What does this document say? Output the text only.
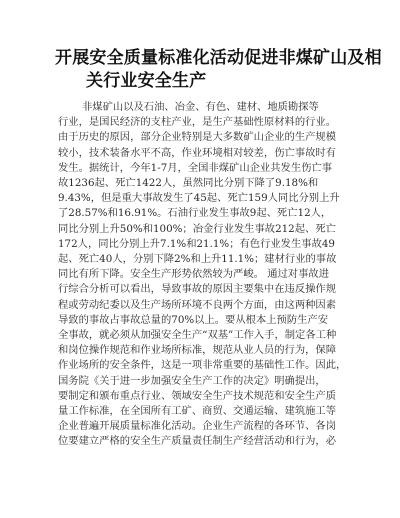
开展安全质量标准化活动促进非煤矿山及相
关行业安全生产
非煤矿山以及石油、冶金、有色、建材、地质勘探等
行业，是国民经济的支柱产业，是生产基础性原材料的行业。
由于历史的原因，部分企业特别是大多数矿山企业的生产规模
较小，技术装备水平不高，作业环境相对较差，伤亡事故时有
发生。据统计，今年1-7月，全国非煤矿山企业共发生伤亡事
故1236起、死亡1422人，虽然同比分别下降了9.18%和
9.43%，但是重大事故发生了45起、死亡159人同比分别上升
了28.57%和16.91%。石油行业发生事故9起、死亡12人，
同比分别上升50%和100%；冶金行业发生事故212起、死亡
172人，同比分别上升7.1%和21.1%；有色行业发生事故49
起、死亡40人，分别下降2%和上升11.1%；建材行业的事故
同比有所下降。安全生产形势依然较为严峻。 通过对事故进
行综合分析可以看出，导致事故的原因主要集中在违反操作规
程或劳动纪委以及生产场所环境不良两个方面，由这两种因素
导致的事故占事故总量的70%以上。要从根本上预防生产安
全事故，就必须从加强安全生产“双基”工作入手，制定各工种
和岗位操作规范和作业场所标准，规范从业人员的行为，保障
作业场所的安全条件，这是一项非常重要的基础性工作。因此，
国务院《关于进一步加强安全生产工作的决定》明确提出，
要制定和颁布重点行业、领域安全生产技术规范和安全生产质
量工作标准，在全国所有工矿、商贸、交通运输、建筑施工等
企业普遍开展质量标准化活动。企业生产流程的各环节、各岗
位要建立严格的安全生产质量责任制生产经营活动和行为，必
